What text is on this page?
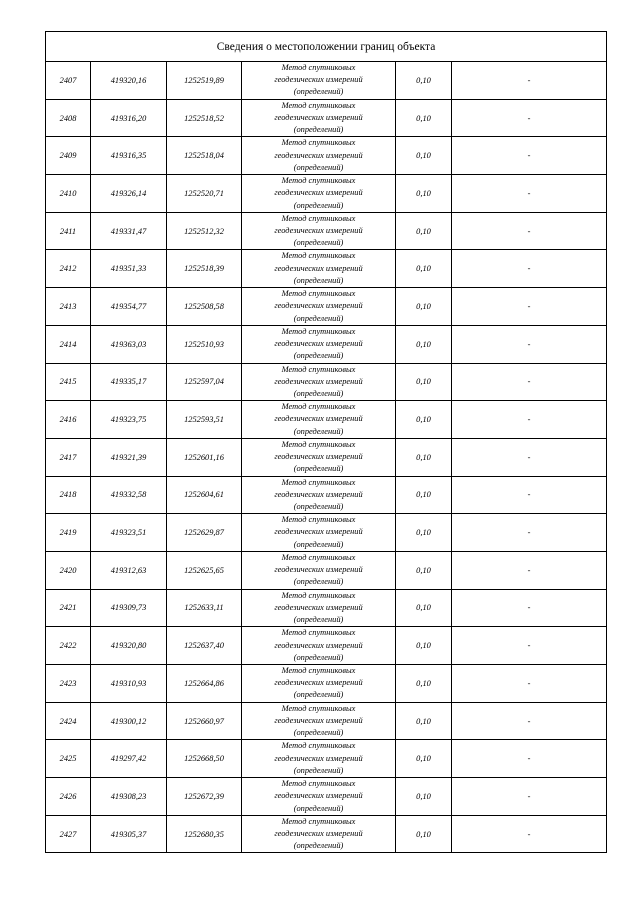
Сведения о местоположении границ объекта					
2407	419320,16	1252519,89	Метод спутниковых
геодезических измерений
(определений)	0,10	-
2408	419316,20	1252518,52	Метод спутниковых
геодезических измерений
(определений)	0,10	-
2409	419316,35	1252518,04	Метод спутниковых
геодезических измерений
(определений)	0,10	-
2410	419326,14	1252520,71	Метод спутниковых
геодезических измерений
(определений)	0,10	-
2411	419331,47	1252512,32	Метод спутниковых
геодезических измерений
(определений)	0,10	-
2412	419351,33	1252518,39	Метод спутниковых
геодезических измерений
(определений)	0,10	-
2413	419354,77	1252508,58	Метод спутниковых
геодезических измерений
(определений)	0,10	-
2414	419363,03	1252510,93	Метод спутниковых
геодезических измерений
(определений)	0,10	-
2415	419335,17	1252597,04	Метод спутниковых
геодезических измерений
(определений)	0,10	-
2416	419323,75	1252593,51	Метод спутниковых
геодезических измерений
(определений)	0,10	-
2417	419321,39	1252601,16	Метод спутниковых
геодезических измерений
(определений)	0,10	-
2418	419332,58	1252604,61	Метод спутниковых
геодезических измерений
(определений)	0,10	-
2419	419323,51	1252629,87	Метод спутниковых
геодезических измерений
(определений)	0,10	-
2420	419312,63	1252625,65	Метод спутниковых
геодезических измерений
(определений)	0,10	-
2421	419309,73	1252633,11	Метод спутниковых
геодезических измерений
(определений)	0,10	-
2422	419320,80	1252637,40	Метод спутниковых
геодезических измерений
(определений)	0,10	-
2423	419310,93	1252664,86	Метод спутниковых
геодезических измерений
(определений)	0,10	-
2424	419300,12	1252660,97	Метод спутниковых
геодезических измерений
(определений)	0,10	-
2425	419297,42	1252668,50	Метод спутниковых
геодезических измерений
(определений)	0,10	-
2426	419308,23	1252672,39	Метод спутниковых
геодезических измерений
(определений)	0,10	-
2427	419305,37	1252680,35	Метод спутниковых
геодезических измерений
(определений)	0,10	-
